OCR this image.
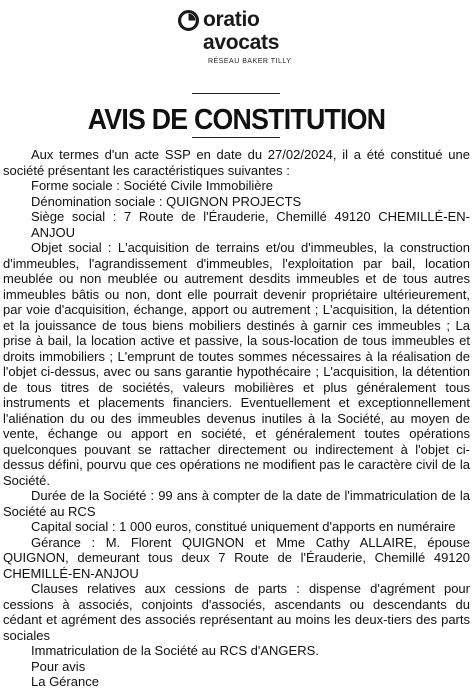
oratio
avocats
RÉSEAU BAKER TILLY
AVIS DE CONSTITUTION

Aux termes d'un acte SSP en date du 27/02/2024, il a été constitué une société présentant les caractéristiques suivantes :

Forme sociale : Société Civile Immobilière

Dénomination sociale : QUIGNON PROJECTS

Siège social : 7 Route de l'Érauderie, Chemillé 49120 CHEMILLÉ-EN-ANJOU

Objet social : L'acquisition de terrains et/ou d'immeubles, la construction d'immeubles, l'agrandissement d'immeubles, l'exploitation par bail, location meublée ou non meublée ou autrement desdits immeubles et de tous autres immeubles bâtis ou non, dont elle pourrait devenir propriétaire ultérieurement, par voie d'acquisition, échange, apport ou autrement ; L'acquisition, la détention et la jouissance de tous biens mobiliers destinés à garnir ces immeubles ; La prise à bail, la location active et passive, la sous-location de tous immeubles et droits immobiliers ; L'emprunt de toutes sommes nécessaires à la réalisation de l'objet ci-dessus, avec ou sans garantie hypothécaire ; L'acquisition, la détention de tous titres de sociétés, valeurs mobilières et plus généralement tous instruments et placements financiers. Eventuellement et exceptionnellement l'aliénation du ou des immeubles devenus inutiles à la Société, au moyen de vente, échange ou apport en société, et généralement toutes opérations quelconques pouvant se rattacher directement ou indirectement à l'objet ci-dessus défini, pourvu que ces opérations ne modifient pas le caractère civil de la Société.

Durée de la Société : 99 ans à compter de la date de l'immatriculation de la Société au RCS

Capital social : 1 000 euros, constitué uniquement d'apports en numéraire

Gérance : M. Florent QUIGNON et Mme Cathy ALLAIRE, épouse QUIGNON, demeurant tous deux 7 Route de l'Érauderie, Chemillé 49120 CHEMILLÉ-EN-ANJOU

Clauses relatives aux cessions de parts : dispense d'agrément pour cessions à associés, conjoints d'associés, ascendants ou descendants du cédant et agrément des associés représentant au moins les deux-tiers des parts sociales

Immatriculation de la Société au RCS d'ANGERS.

Pour avis

La Gérance
